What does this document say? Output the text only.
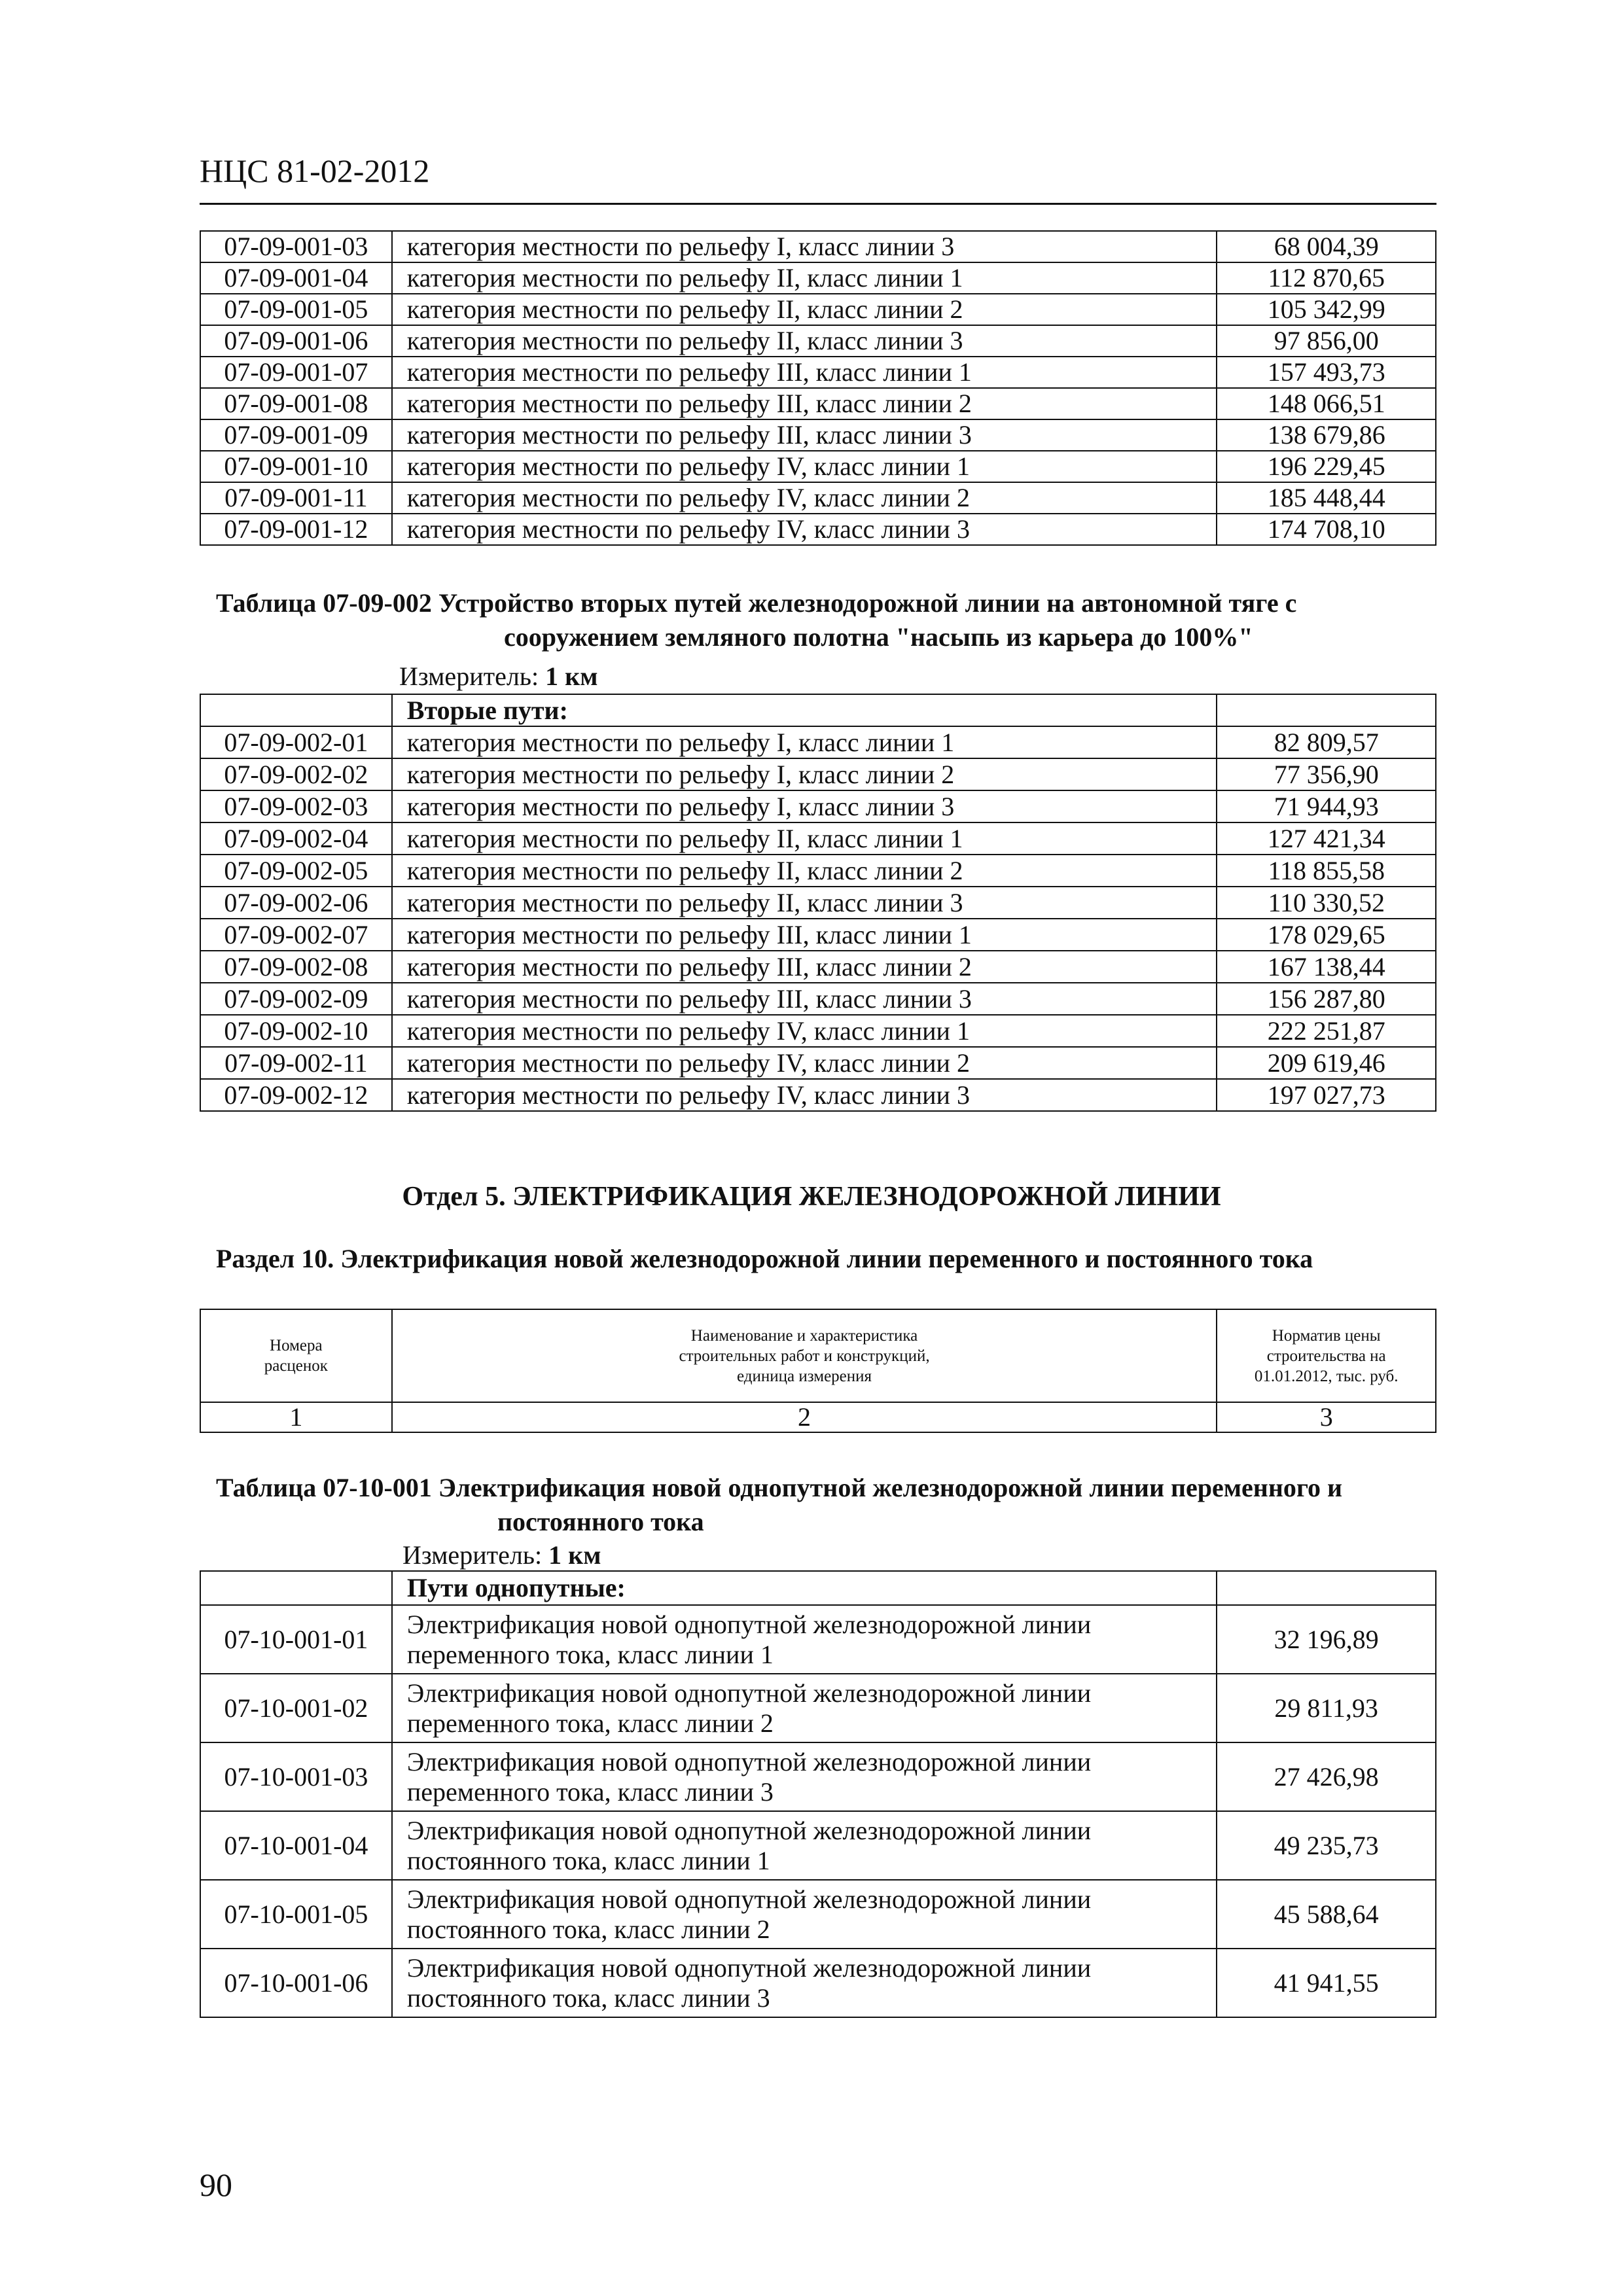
НЦС 81-02-2012
07-09-001-03	категория местности по рельефу I, класс линии 3	68 004,39
07-09-001-04	категория местности по рельефу II, класс линии 1	112 870,65
07-09-001-05	категория местности по рельефу II, класс линии 2	105 342,99
07-09-001-06	категория местности по рельефу II, класс линии 3	97 856,00
07-09-001-07	категория местности по рельефу III, класс линии 1	157 493,73
07-09-001-08	категория местности по рельефу III, класс линии 2	148 066,51
07-09-001-09	категория местности по рельефу III, класс линии 3	138 679,86
07-09-001-10	категория местности по рельефу IV, класс линии 1	196 229,45
07-09-001-11	категория местности по рельефу IV, класс линии 2	185 448,44
07-09-001-12	категория местности по рельефу IV, класс линии 3	174 708,10
Таблица 07-09-002 Устройство вторых путей железнодорожной линии на автономной тяге с
сооружением земляного полотна "насыпь из карьера до 100%"
Измеритель: 1 км
	Вторые пути:	
07-09-002-01	категория местности по рельефу I, класс линии 1	82 809,57
07-09-002-02	категория местности по рельефу I, класс линии 2	77 356,90
07-09-002-03	категория местности по рельефу I, класс линии 3	71 944,93
07-09-002-04	категория местности по рельефу II, класс линии 1	127 421,34
07-09-002-05	категория местности по рельефу II, класс линии 2	118 855,58
07-09-002-06	категория местности по рельефу II, класс линии 3	110 330,52
07-09-002-07	категория местности по рельефу III, класс линии 1	178 029,65
07-09-002-08	категория местности по рельефу III, класс линии 2	167 138,44
07-09-002-09	категория местности по рельефу III, класс линии 3	156 287,80
07-09-002-10	категория местности по рельефу IV, класс линии 1	222 251,87
07-09-002-11	категория местности по рельефу IV, класс линии 2	209 619,46
07-09-002-12	категория местности по рельефу IV, класс линии 3	197 027,73
Отдел 5. ЭЛЕКТРИФИКАЦИЯ ЖЕЛЕЗНОДОРОЖНОЙ ЛИНИИ
Раздел 10. Электрификация новой железнодорожной линии переменного и постоянного тока
Номера расценок	Наименование и характеристика строительных работ и конструкций, единица измерения	Норматив цены строительства на 01.01.2012, тыс. руб.
1	2	3
Таблица 07-10-001 Электрификация новой однопутной железнодорожной линии переменного и
постоянного тока
Измеритель: 1 км
	Пути однопутные:	
07-10-001-01	Электрификация новой однопутной железнодорожной линии переменного тока, класс линии 1	32 196,89
07-10-001-02	Электрификация новой однопутной железнодорожной линии переменного тока, класс линии 2	29 811,93
07-10-001-03	Электрификация новой однопутной железнодорожной линии переменного тока, класс линии 3	27 426,98
07-10-001-04	Электрификация новой однопутной железнодорожной линии постоянного тока, класс линии 1	49 235,73
07-10-001-05	Электрификация новой однопутной железнодорожной линии постоянного тока, класс линии 2	45 588,64
07-10-001-06	Электрификация новой однопутной железнодорожной линии постоянного тока, класс линии 3	41 941,55
90
